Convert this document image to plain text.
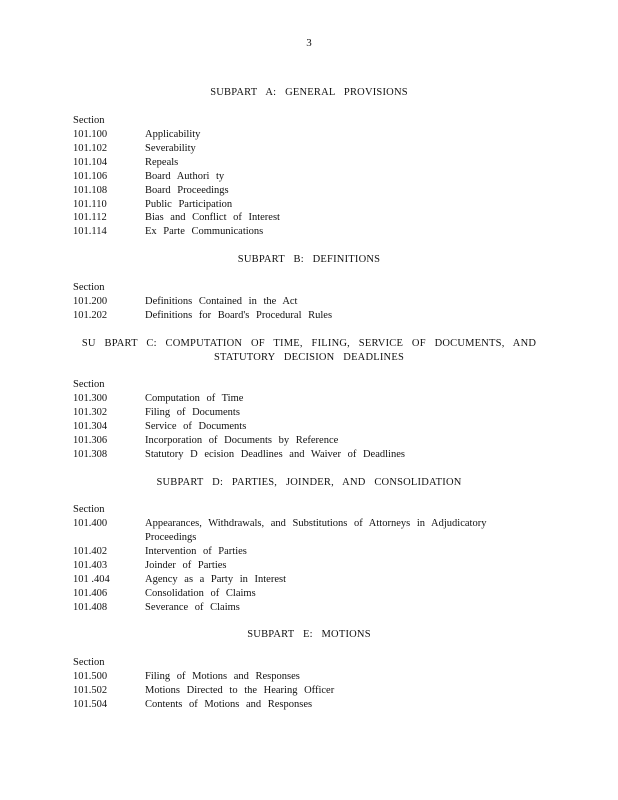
3
SUBPART A: GENERAL PROVISIONS
Section
101.100	Applicability
101.102	Severability
101.104	Repeals
101.106	Board Authori ty
101.108	Board Proceedings
101.110	Public Participation
101.112	Bias and Conflict of Interest
101.114	Ex Parte Communications
SUBPART B: DEFINITIONS
Section
101.200	Definitions Contained in the Act
101.202	Definitions for Board's Procedural Rules
SU BPART C: COMPUTATION OF TIME, FILING, SERVICE OF DOCUMENTS, AND
STATUTORY DECISION DEADLINES
Section
101.300	Computation of Time
101.302	Filing of Documents
101.304	Service of Documents
101.306	Incorporation of Documents by Reference
101.308	Statutory D ecision Deadlines and Waiver of Deadlines
SUBPART D: PARTIES, JOINDER, AND CONSOLIDATION
Section
101.400	Appearances, Withdrawals, and Substitutions of Attorneys in Adjudicatory
Proceedings
101.402	Intervention of Parties
101.403	Joinder of Parties
101 .404	Agency as a Party in Interest
101.406	Consolidation of Claims
101.408	Severance of Claims
SUBPART E: MOTIONS
Section
101.500	Filing of Motions and Responses
101.502	Motions Directed to the Hearing Officer
101.504	Contents of Motions and Responses
